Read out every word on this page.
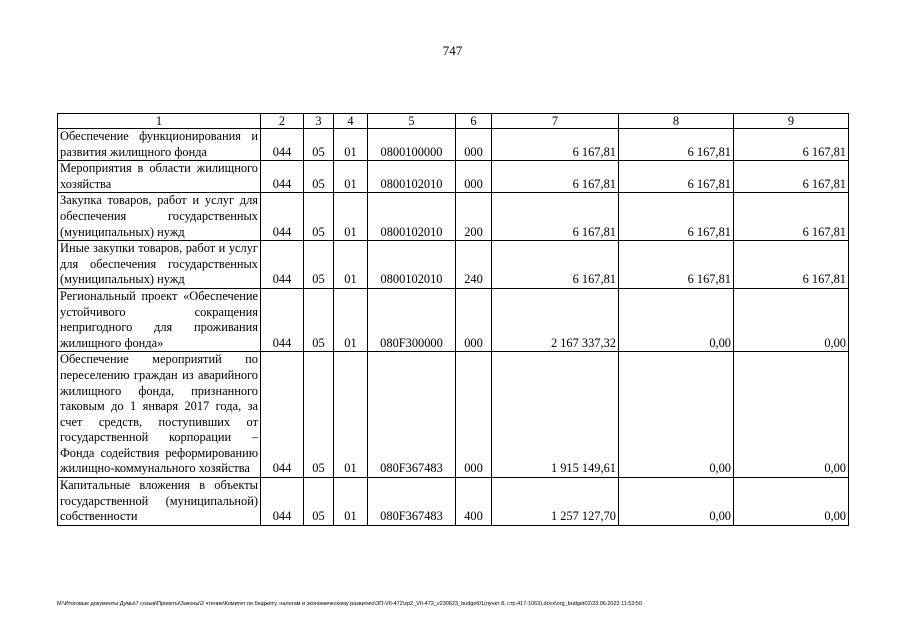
747
1	2	3	4	5	6	7	8	9
Обеспечение функционирования и развития жилищного фонда	044	05	01	0800100000	000	6 167,81	6 167,81	6 167,81
Мероприятия в области жилищного хозяйства	044	05	01	0800102010	000	6 167,81	6 167,81	6 167,81
Закупка товаров, работ и услуг для обеспечения государственных (муниципальных) нужд	044	05	01	0800102010	200	6 167,81	6 167,81	6 167,81
Иные закупки товаров, работ и услуг для обеспечения государственных (муниципальных) нужд	044	05	01	0800102010	240	6 167,81	6 167,81	6 167,81
Региональный проект «Обеспечение устойчивого сокращения непригодного для проживания жилищного фонда»	044	05	01	080F300000	000	2 167 337,32	0,00	0,00
Обеспечение мероприятий по переселению граждан из аварийного жилищного фонда, признанного таковым до 1 января 2017 года, за счет средств, поступивших от государственной корпорации – Фонда содействия реформированию жилищно-коммунального хозяйства	044	05	01	080F367483	000	1 915 149,61	0,00	0,00
Капитальные вложения в объекты государственной (муниципальной) собственности	044	05	01	080F367483	400	1 257 127,70	0,00	0,00
M:\Итоговые документы Думы\7 созыв\Проекты\Законы\2 чтение\Комитет по бюджету, налогам и экономическому развитию\ЗП-VII-472\zp2_VII-472_v230623_budget01(пункт 8, стр.417-1063).docx\org_budget01\23.06.2023 11:53:50
